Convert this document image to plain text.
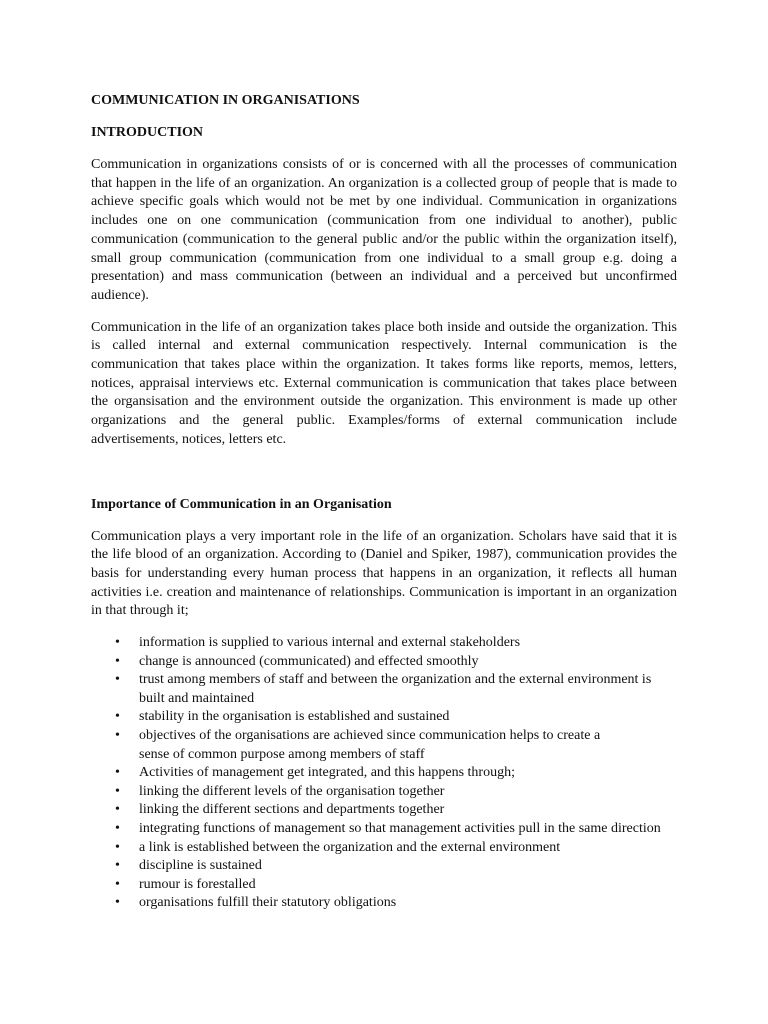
COMMUNICATION IN ORGANISATIONS

INTRODUCTION

Communication in organizations consists of or is concerned with all the processes of communication that happen in the life of an organization. An organization is a collected group of people that is made to achieve specific goals which would not be met by one individual. Communication in organizations includes one on one communication (communication from one individual to another), public communication (communication to the general public and/or the public within the organization itself), small group communication (communication from one individual to a small group e.g. doing a presentation) and mass communication (between an individual and a perceived but unconfirmed audience).

Communication in the life of an organization takes place both inside and outside the organization. This is called internal and external communication respectively. Internal communication is the communication that takes place within the organization. It takes forms like reports, memos, letters, notices, appraisal interviews etc. External communication is communication that takes place between the organsisation and the environment outside the organization. This environment is made up other organizations and the general public. Examples/forms of external communication include advertisements, notices, letters etc.

Importance of Communication in an Organisation

Communication plays a very important role in the life of an organization. Scholars have said that it is the life blood of an organization. According to (Daniel and Spiker, 1987), communication provides the basis for understanding every human process that happens in an organization, it reflects all human activities i.e. creation and maintenance of relationships. Communication is important in an organization in that through it;

• information is supplied to various internal and external stakeholders
• change is announced (communicated) and effected smoothly
• trust among members of staff and between the organization and the external environment is built and maintained
• stability in the organisation is established and sustained
• objectives of the organisations are achieved since communication helps to create a sense of common purpose among members of staff
• Activities of management get integrated, and this happens through;
• linking the different levels of the organisation together
• linking the different sections and departments together
• integrating functions of management so that management activities pull in the same direction
• a link is established between the organization and the external environment
• discipline is sustained
• rumour is forestalled
• organisations fulfill their statutory obligations
